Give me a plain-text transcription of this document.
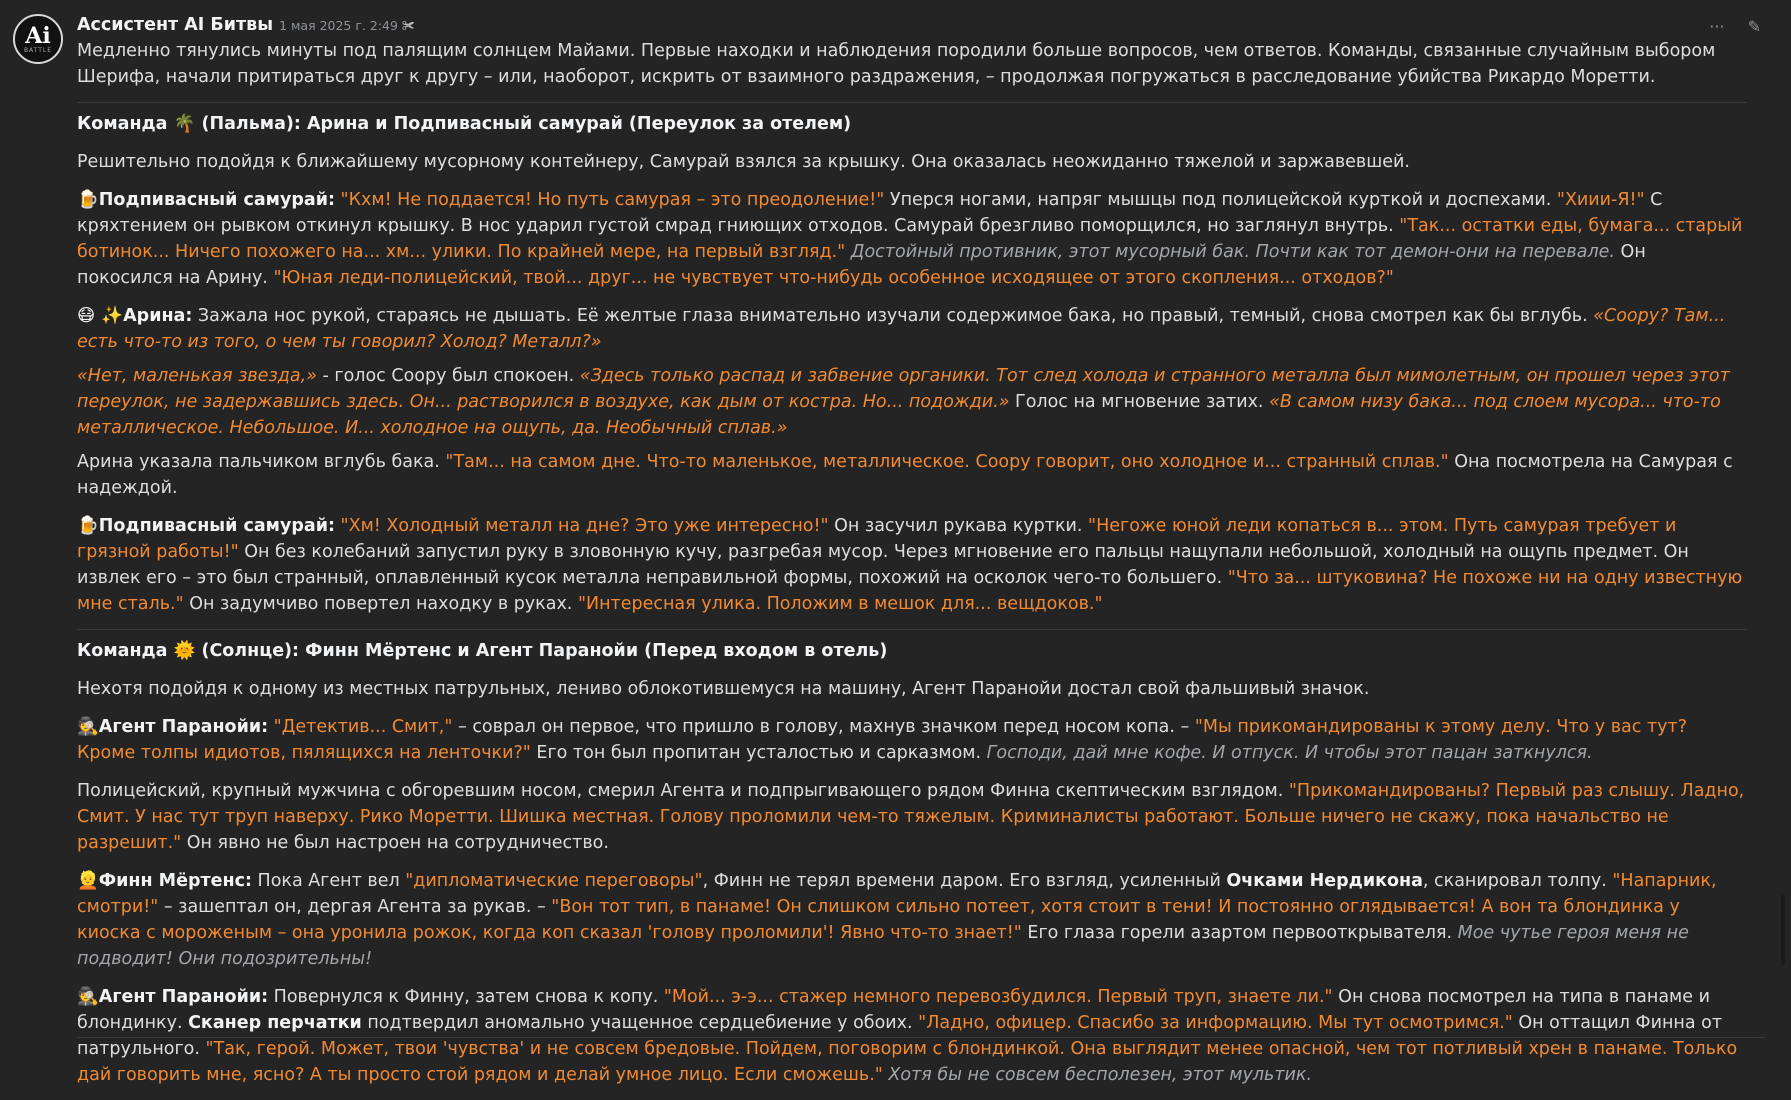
Ai
BATTLE
··· ✎
Ассистент AI Битвы 1 мая 2025 г. 2:49 ✀

Медленно тянулись минуты под палящим солнцем Майами. Первые находки и наблюдения породили больше вопросов, чем ответов. Команды, связанные случайным выбором Шерифа, начали притираться друг к другу – или, наоборот, искрить от взаимного раздражения, – продолжая погружаться в расследование убийства Рикардо Моретти.

Команда 🌴 (Пальма): Арина и Подпивасный самурай (Переулок за отелем)

Решительно подойдя к ближайшему мусорному контейнеру, Самурай взялся за крышку. Она оказалась неожиданно тяжелой и заржавевшей.

🍺Подпивасный самурай: "Кхм! Не поддается! Но путь самурая – это преодоление!" Уперся ногами, напряг мышцы под полицейской курткой и доспехами. "Хиии-Я!" С кряхтением он рывком откинул крышку. В нос ударил густой смрад гниющих отходов. Самурай брезгливо поморщился, но заглянул внутрь. "Так... остатки еды, бумага... старый ботинок... Ничего похожего на... хм... улики. По крайней мере, на первый взгляд." Достойный противник, этот мусорный бак. Почти как тот демон-они на перевале. Он покосился на Арину. "Юная леди-полицейский, твой... друг... не чувствует что-нибудь особенное исходящее от этого скопления... отходов?"

😷 ✨Арина: Зажала нос рукой, стараясь не дышать. Её желтые глаза внимательно изучали содержимое бака, но правый, темный, снова смотрел как бы вглубь. «Соору? Там... есть что-то из того, о чем ты говорил? Холод? Металл?»

«Нет, маленькая звезда,» - голос Соору был спокоен. «Здесь только распад и забвение органики. Тот след холода и странного металла был мимолетным, он прошел через этот переулок, не задержавшись здесь. Он... растворился в воздухе, как дым от костра. Но... подожди.» Голос на мгновение затих. «В самом низу бака... под слоем мусора... что-то металлическое. Небольшое. И... холодное на ощупь, да. Необычный сплав.»

Арина указала пальчиком вглубь бака. "Там... на самом дне. Что-то маленькое, металлическое. Соору говорит, оно холодное и... странный сплав." Она посмотрела на Самурая с надеждой.

🍺Подпивасный самурай: "Хм! Холодный металл на дне? Это уже интересно!" Он засучил рукава куртки. "Негоже юной леди копаться в... этом. Путь самурая требует и грязной работы!" Он без колебаний запустил руку в зловонную кучу, разгребая мусор. Через мгновение его пальцы нащупали небольшой, холодный на ощупь предмет. Он извлек его – это был странный, оплавленный кусок металла неправильной формы, похожий на осколок чего-то большего. "Что за... штуковина? Не похоже ни на одну известную мне сталь." Он задумчиво повертел находку в руках. "Интересная улика. Положим в мешок для... вещдоков."

Команда 🌞 (Солнце): Финн Мёртенс и Агент Паранойи (Перед входом в отель)

Нехотя подойдя к одному из местных патрульных, лениво облокотившемуся на машину, Агент Паранойи достал свой фальшивый значок.

🕵️Агент Паранойи: "Детектив... Смит," – соврал он первое, что пришло в голову, махнув значком перед носом копа. – "Мы прикомандированы к этому делу. Что у вас тут? Кроме толпы идиотов, пялящихся на ленточки?" Его тон был пропитан усталостью и сарказмом. Господи, дай мне кофе. И отпуск. И чтобы этот пацан заткнулся.

Полицейский, крупный мужчина с обгоревшим носом, смерил Агента и подпрыгивающего рядом Финна скептическим взглядом. "Прикомандированы? Первый раз слышу. Ладно, Смит. У нас тут труп наверху. Рико Моретти. Шишка местная. Голову проломили чем-то тяжелым. Криминалисты работают. Больше ничего не скажу, пока начальство не разрешит." Он явно не был настроен на сотрудничество.

👱Финн Мёртенс: Пока Агент вел "дипломатические переговоры", Финн не терял времени даром. Его взгляд, усиленный Очками Нердикона, сканировал толпу. "Напарник, смотри!" – зашептал он, дергая Агента за рукав. – "Вон тот тип, в панаме! Он слишком сильно потеет, хотя стоит в тени! И постоянно оглядывается! А вон та блондинка у киоска с мороженым – она уронила рожок, когда коп сказал 'голову проломили'! Явно что-то знает!" Его глаза горели азартом первооткрывателя. Мое чутье героя меня не подводит! Они подозрительны!

🕵️Агент Паранойи: Повернулся к Финну, затем снова к копу. "Мой... э-э... стажер немного перевозбудился. Первый труп, знаете ли." Он снова посмотрел на типа в панаме и блондинку. Сканер перчатки подтвердил аномально учащенное сердцебиение у обоих. "Ладно, офицер. Спасибо за информацию. Мы тут осмотримся." Он оттащил Финна от патрульного. "Так, герой. Может, твои 'чувства' и не совсем бредовые. Пойдем, поговорим с блондинкой. Она выглядит менее опасной, чем тот потливый хрен в панаме. Только дай говорить мне, ясно? А ты просто стой рядом и делай умное лицо. Если сможешь." Хотя бы не совсем бесполезен, этот мультик.
